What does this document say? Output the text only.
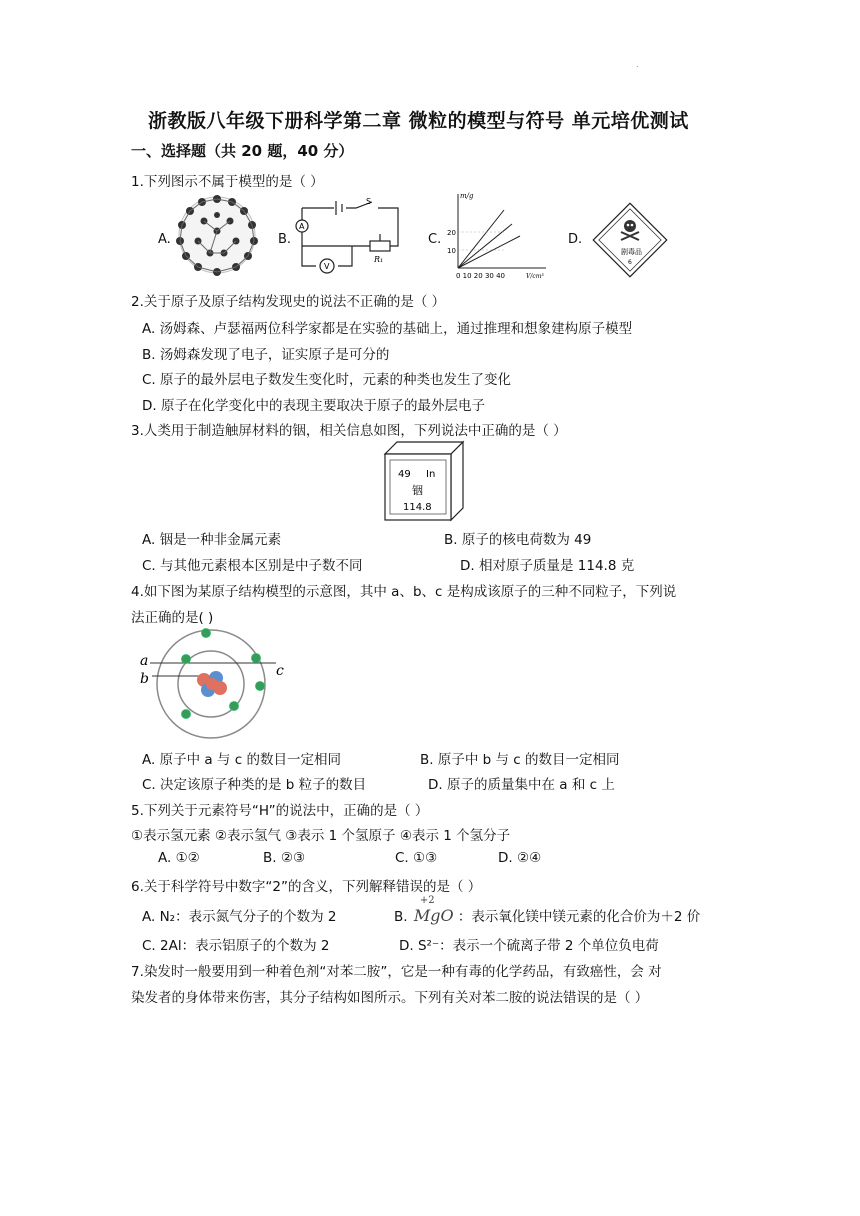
.
浙教版八年级下册科学第二章 微粒的模型与符号 单元培优测试
一、选择题（共 20 题，40 分）
1.下列图示不属于模型的是（ ）
A.	B.
A
V
S
R₁
C.
m/g
20
10
0 10 20 30 40	V/cm³
D.
剧毒品
6
2.关于原子及原子结构发现史的说法不正确的是（ ）
A. 汤姆森、卢瑟福两位科学家都是在实验的基础上，通过推理和想象建构原子模型
B. 汤姆森发现了电子，证实原子是可分的
C. 原子的最外层电子数发生变化时，元素的种类也发生了变化
D. 原子在化学变化中的表现主要取决于原子的最外层电子
3.人类用于制造触屏材料的铟，相关信息如图，下列说法中正确的是（ ）
49 In
铟
114.8
A. 铟是一种非金属元素	B. 原子的核电荷数为 49
C. 与其他元素根本区别是中子数不同	D. 相对原子质量是 114.8 克
4.如下图为某原子结构模型的示意图，其中 a、b、c 是构成该原子的三种不同粒子，下列说
法正确的是( )
a
b	c
A. 原子中 a 与 c 的数目一定相同	B. 原子中 b 与 c 的数目一定相同
C. 决定该原子种类的是 b 粒子的数目	D. 原子的质量集中在 a 和 c 上
5.下列关于元素符号“H”的说法中，正确的是（ ）
①表示氢元素 ②表示氢气 ③表示 1 个氢原子 ④表示 1 个氢分子
A. ①②	B. ②③	C. ①③	D. ②④
6.关于科学符号中数字“2”的含义，下列解释错误的是（ ）
A. N₂：表示氮气分子的个数为 2	B.
+2
MgO ：表示氧化镁中镁元素的化合价为＋2 价
C. 2Al：表示铝原子的个数为 2	D. S²⁻：表示一个硫离子带 2 个单位负电荷
7.染发时一般要用到一种着色剂“对苯二胺”，它是一种有毒的化学药品，有致癌性，会 对
染发者的身体带来伤害，其分子结构如图所示。下列有关对苯二胺的说法错误的是（ ）
